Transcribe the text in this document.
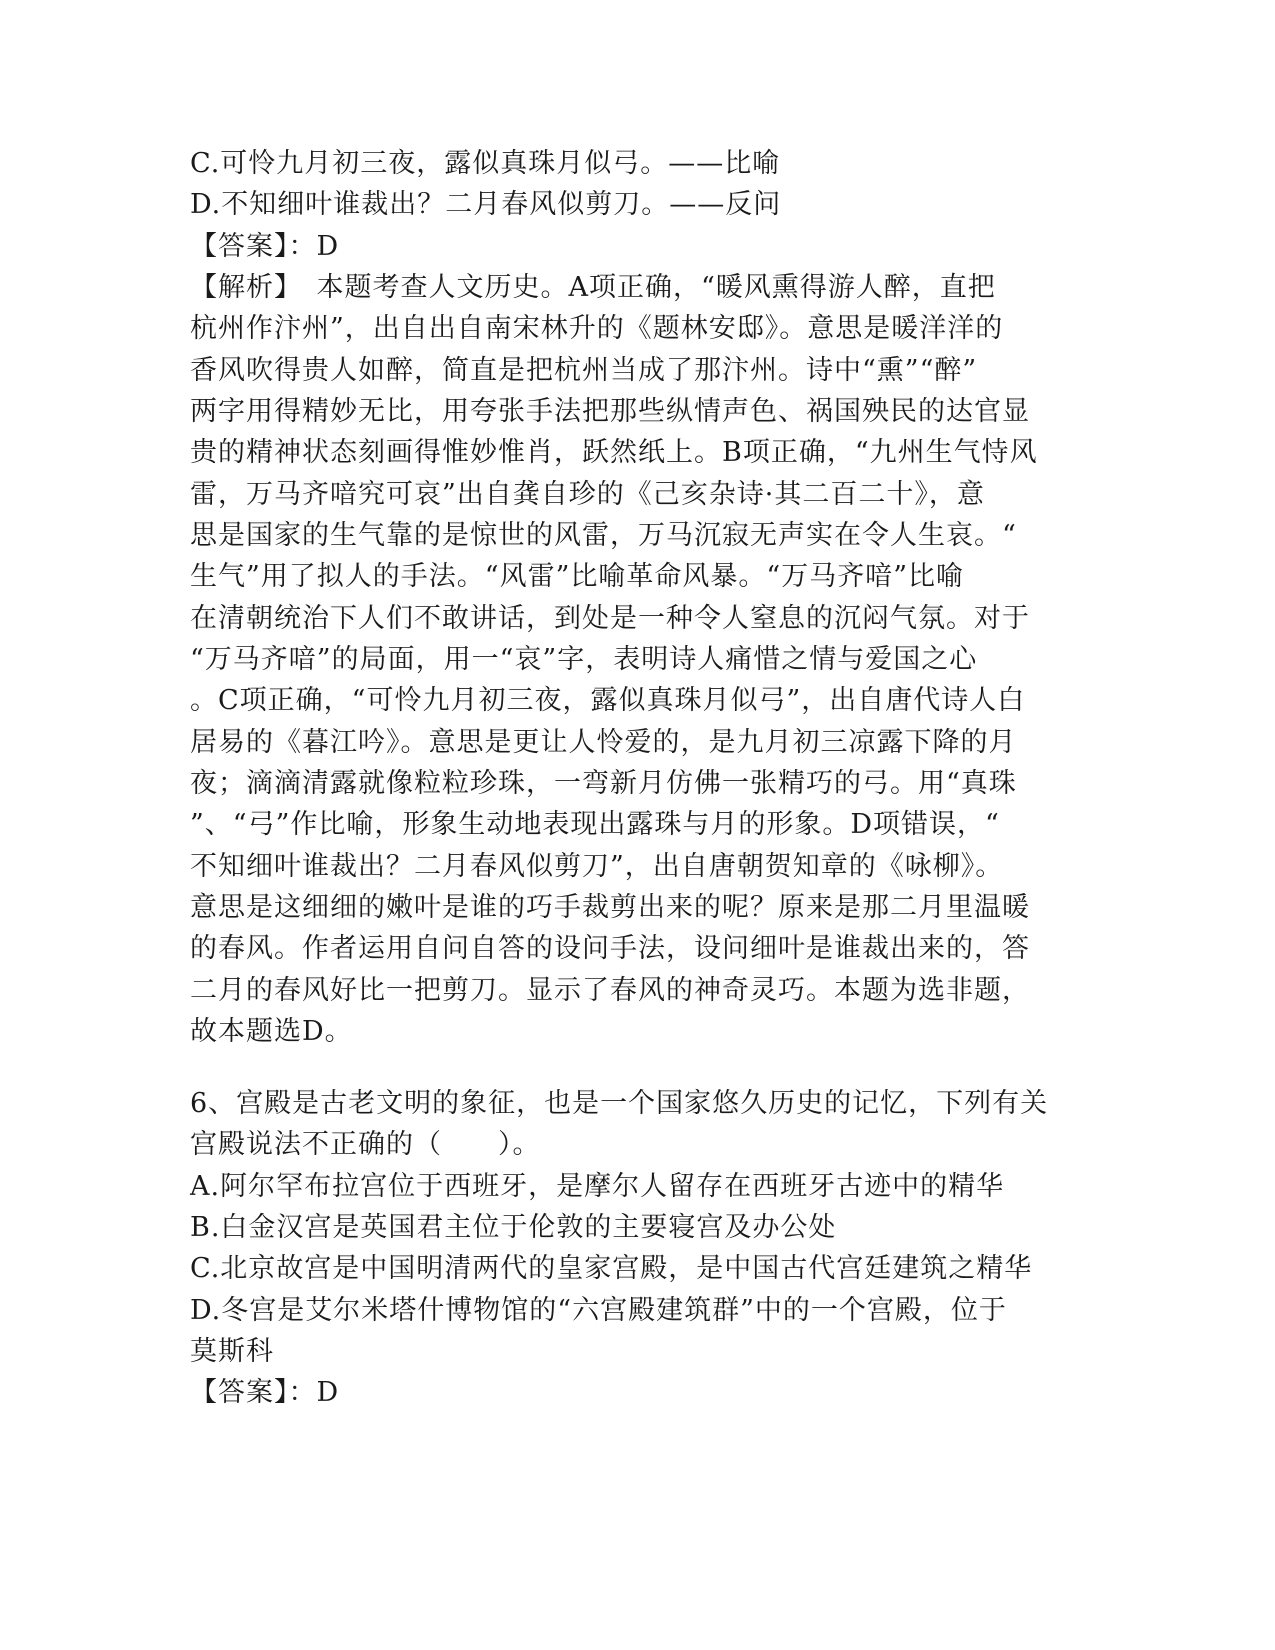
C.可怜九月初三夜，露似真珠月似弓。——比喻
D.不知细叶谁裁出？二月春风似剪刀。——反问
【答案】：D
【解析】　本题考查人文历史。A项正确，“暖风熏得游人醉，直把
杭州作汴州”，出自出自南宋林升的《题林安邸》。意思是暖洋洋的
香风吹得贵人如醉，简直是把杭州当成了那汴州。诗中“熏”“醉”
两字用得精妙无比，用夸张手法把那些纵情声色、祸国殃民的达官显
贵的精神状态刻画得惟妙惟肖，跃然纸上。B项正确，“九州生气恃风
雷，万马齐喑究可哀”出自龚自珍的《己亥杂诗·其二百二十》，意
思是国家的生气靠的是惊世的风雷，万马沉寂无声实在令人生哀。“
生气”用了拟人的手法。“风雷”比喻革命风暴。“万马齐喑”比喻
在清朝统治下人们不敢讲话，到处是一种令人窒息的沉闷气氛。对于
“万马齐喑”的局面，用一“哀”字，表明诗人痛惜之情与爱国之心
。C项正确，“可怜九月初三夜，露似真珠月似弓”，出自唐代诗人白
居易的《暮江吟》。意思是更让人怜爱的，是九月初三凉露下降的月
夜；滴滴清露就像粒粒珍珠，一弯新月仿佛一张精巧的弓。用“真珠
”、“弓”作比喻，形象生动地表现出露珠与月的形象。D项错误，“
不知细叶谁裁出？二月春风似剪刀”，出自唐朝贺知章的《咏柳》。
意思是这细细的嫩叶是谁的巧手裁剪出来的呢？原来是那二月里温暖
的春风。作者运用自问自答的设问手法，设问细叶是谁裁出来的，答
二月的春风好比一把剪刀。显示了春风的神奇灵巧。本题为选非题，
故本题选D。
6、宫殿是古老文明的象征，也是一个国家悠久历史的记忆，下列有关
宫殿说法不正确的（　　）。
A.阿尔罕布拉宫位于西班牙，是摩尔人留存在西班牙古迹中的精华
B.白金汉宫是英国君主位于伦敦的主要寝宫及办公处
C.北京故宫是中国明清两代的皇家宫殿，是中国古代宫廷建筑之精华
D.冬宫是艾尔米塔什博物馆的“六宫殿建筑群”中的一个宫殿，位于
莫斯科
【答案】：D
